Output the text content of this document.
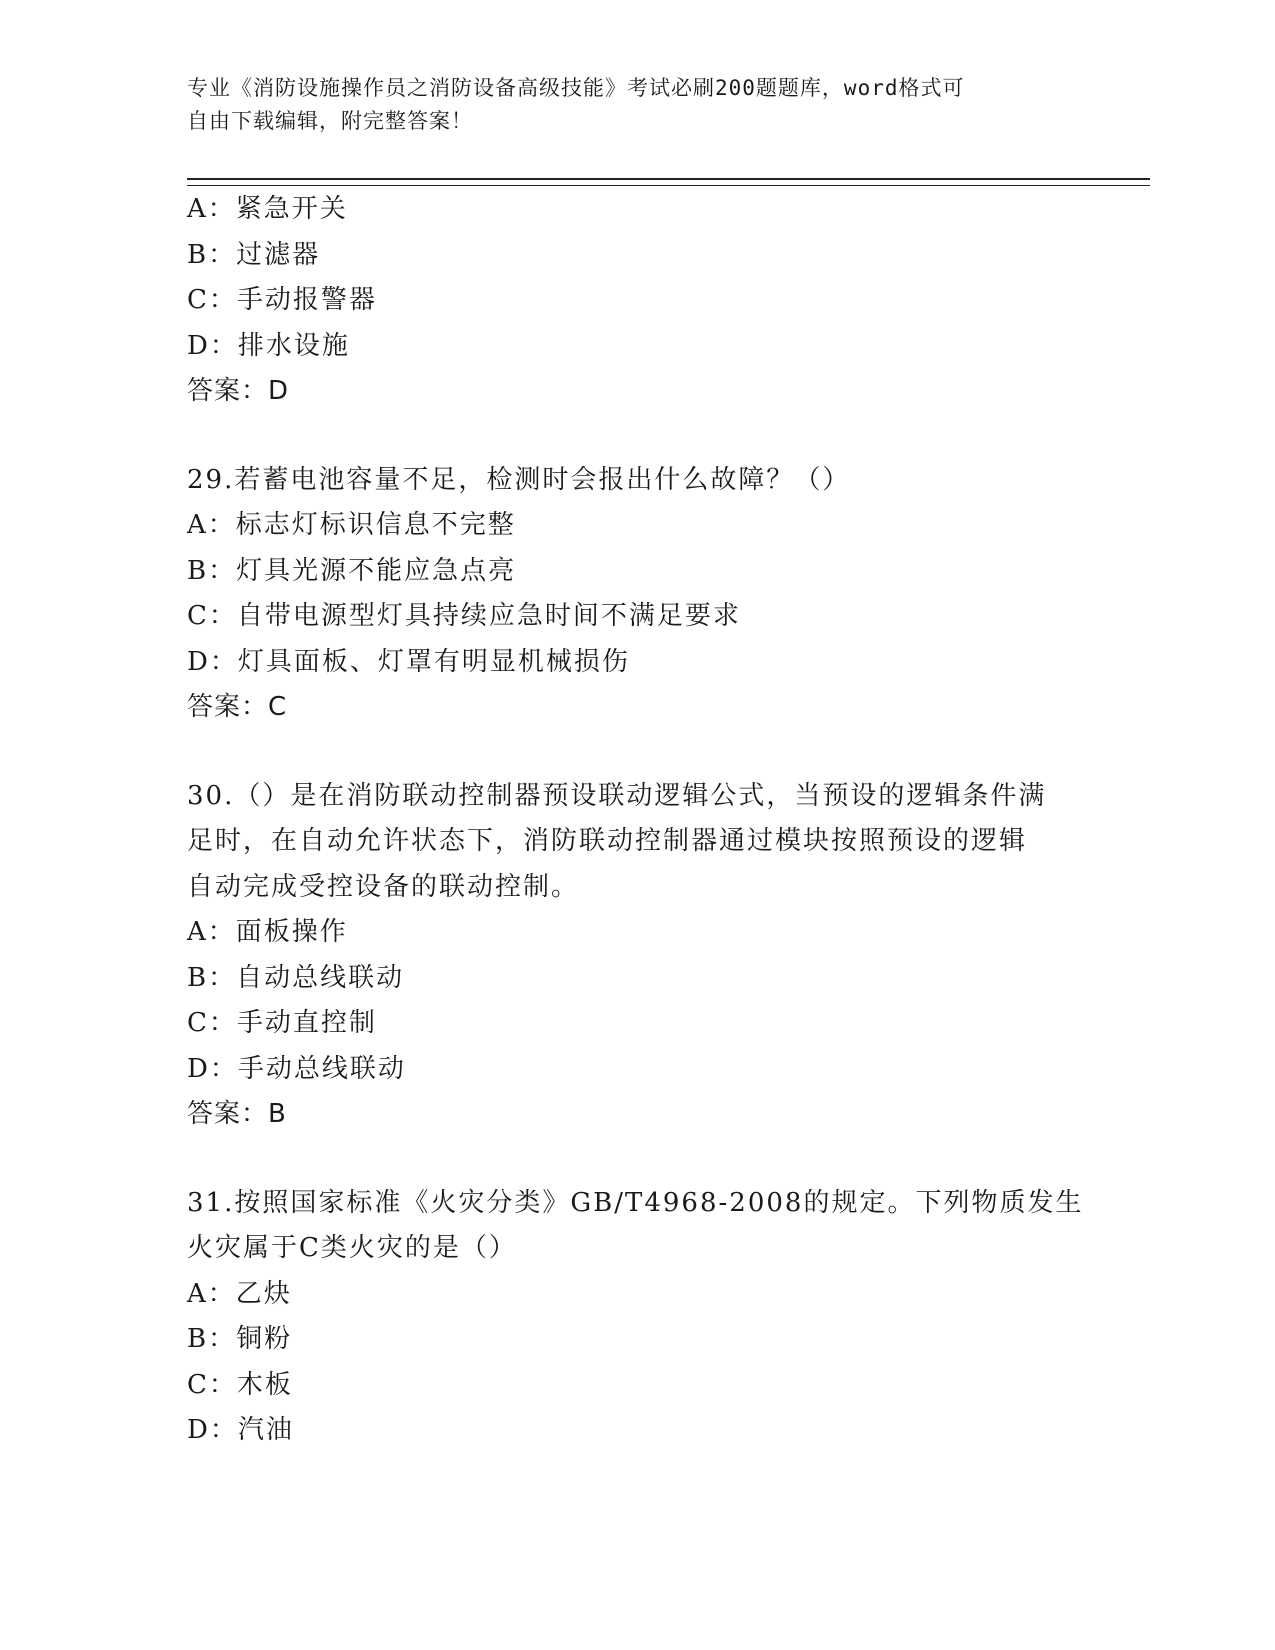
专业《消防设施操作员之消防设备高级技能》考试必刷200题题库，word格式可
自由下载编辑，附完整答案！
A：紧急开关
B：过滤器
C：手动报警器
D：排水设施
答案：D
29.若蓄电池容量不足，检测时会报出什么故障？（）
A：标志灯标识信息不完整
B：灯具光源不能应急点亮
C：自带电源型灯具持续应急时间不满足要求
D：灯具面板、灯罩有明显机械损伤
答案：C
30.（）是在消防联动控制器预设联动逻辑公式，当预设的逻辑条件满
足时，在自动允许状态下，消防联动控制器通过模块按照预设的逻辑
自动完成受控设备的联动控制。
A：面板操作
B：自动总线联动
C：手动直控制
D：手动总线联动
答案：B
31.按照国家标准《火灾分类》GB/T4968-2008的规定。下列物质发生
火灾属于C类火灾的是（）
A：乙炔
B：铜粉
C：木板
D：汽油
